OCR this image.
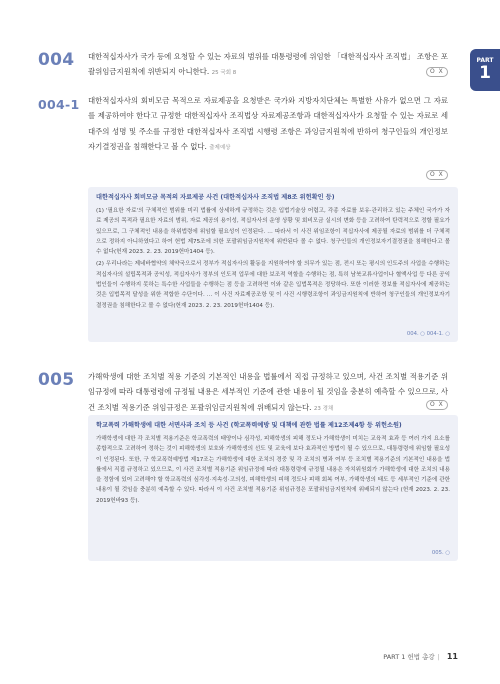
PART
1
004 대한적십자사가 국가 등에 요청할 수 있는 자료의 범위를 대통령령에 위임한 「대한적십자사 조직법」 조항은 포괄위임금지원칙에 위반되지 아니한다. 25 국회 8	O X
004-1 대한적십자사의 회비모금 목적으로 자료제공을 요청받은 국가와 지방자치단체는 특별한 사유가 없으면 그 자료를 제공하여야 한다고 규정한 대한적십자사 조직법상 자료제공조항과 대한적십자사가 요청할 수 있는 자료로 세대주의 성명 및 주소를 규정한 대한적십자사 조직법 시행령 조항은 과잉금지원칙에 반하여 청구인들의 개인정보자기결정권을 침해한다고 볼 수 없다. 출제예상
O X
대한적십자사 회비모금 목적의 자료제공 사건 (대한적십자사 조직법 제8조 위헌확인 등)

(1) '필요한 자료'의 구체적인 범위를 미리 법률에 상세하게 규정하는 것은 입법기술상 어렵고, 각종 자료를 보유·관리하고 있는 주체인 국가가 자료 제공의 목적과 필요한 자료의 범위, 자료 제공의 용이성, 적십자사의 운영 상황 및 회비모금 실시의 변화 등을 고려하여 탄력적으로 정할 필요가 있으므로, 그 구체적인 내용을 하위법령에 위임할 필요성이 인정된다. … 따라서 이 사건 위임조항이 적십자사에 제공될 자료의 범위를 더 구체적으로 정하지 아니하였다고 하여 헌법 제75조에 의한 포괄위임금지원칙에 위반된다 볼 수 없다. 청구인들의 개인정보자기결정권을 침해한다고 볼 수 없다(헌재 2023. 2. 23. 2019헌마1404 등).

(2) 우리나라는 제네바협약의 체약국으로서 정부가 적십자사의 활동을 지원하여야 할 의무가 있는 점, 전시 또는 평시의 인도주의 사업을 수행하는 적십자사의 설립목적과 공익성, 적십자사가 정부의 인도적 업무에 대한 보조적 역할을 수행하는 점, 특히 남북교류사업이나 혈액사업 등 다른 공익법인들이 수행하지 못하는 특수한 사업들을 수행하는 점 등을 고려하면 이와 같은 입법목적은 정당하다. 또한 이러한 정보를 적십자사에 제공하는 것은 입법목적 달성을 위한 적합한 수단이다. … 이 사건 자료제공조항 및 이 사건 시행령조항이 과잉금지원칙에 반하여 청구인들의 개인정보자기결정권을 침해한다고 볼 수 없다(헌재 2023. 2. 23. 2019헌마1404 등).

004. ○ 004-1. ○
005 가해학생에 대한 조치별 적용 기준의 기본적인 내용을 법률에서 직접 규정하고 있으며, 사건 조치별 적용기준 위임규정에 따라 대통령령에 규정될 내용은 세부적인 기준에 관한 내용이 될 것임을 충분히 예측할 수 있으므로, 사건 조치별 적용기준 위임규정은 포괄위임금지원칙에 위배되지 않는다. 23 경채
O X
학교폭력 가해학생에 대한 서면사과 조치 등 사건 (학교폭력예방 및 대책에 관한 법률 제12조제4항 등 위헌소원)

가해학생에 대한 각 조치별 적용기준은 학교폭력의 태양이나 심각성, 피해학생의 피해 정도나 가해학생이 미치는 교육적 효과 등 여러 가지 요소를 종합적으로 고려하여 정하는 것이 피해학생의 보호와 가해학생의 선도 및 교육에 보다 효과적인 방법이 될 수 있으므로, 대통령령에 위임할 필요성이 인정된다. 또한, 구 학교폭력예방법 제17조는 가해학생에 대한 조치의 경중 및 각 조치의 병과 여부 등 조치별 적용기준의 기본적인 내용을 법률에서 직접 규정하고 있으므로, 이 사건 조치별 적용기준 위임규정에 따라 대통령령에 규정될 내용은 자치위원회가 가해학생에 대한 조치의 내용을 정함에 있어 고려해야 할 학교폭력의 심각성·지속성·고의성, 피해학생의 피해 정도나 피해 회복 여부, 가해학생의 태도 등 세부적인 기준에 관한 내용이 될 것임을 충분히 예측할 수 있다. 따라서 이 사건 조치별 적용기준 위임규정은 포괄위임금지원칙에 위배되지 않는다 (헌재 2023. 2. 23. 2019헌바93 등).

005. ○
PART 1 헌법 총강 | 11
